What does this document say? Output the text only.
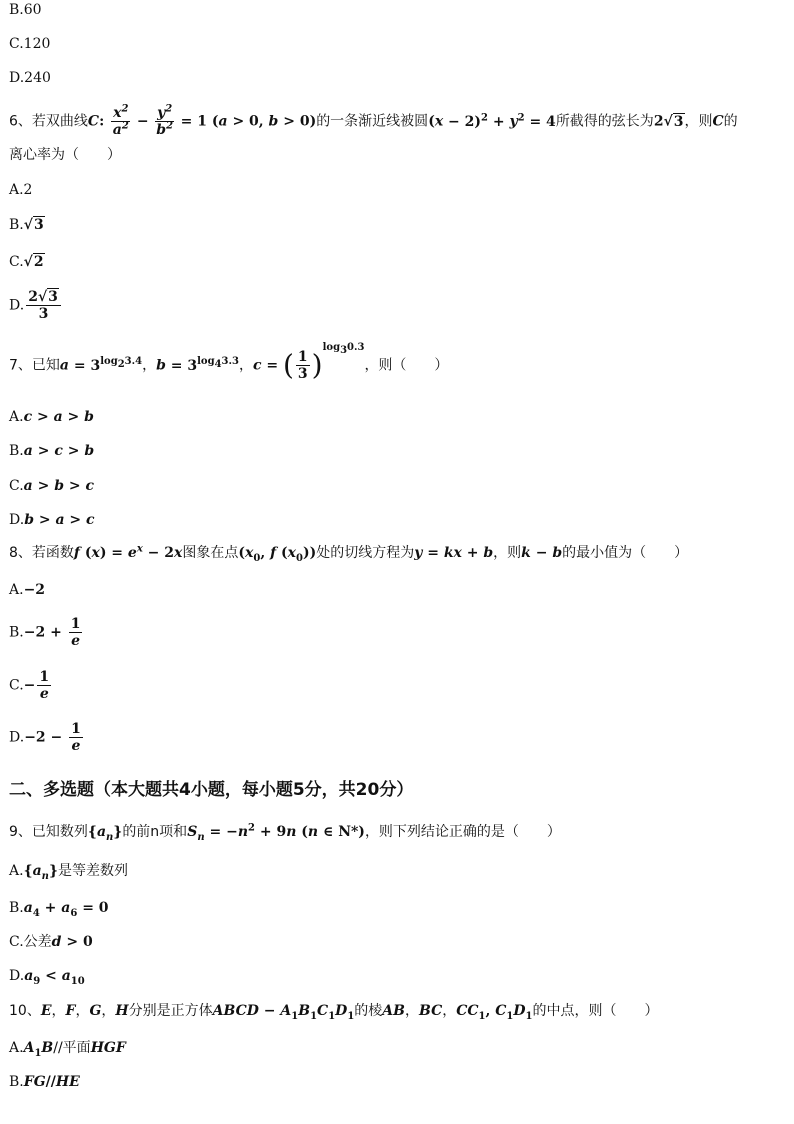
B.60
C.120
D.240
6、若双曲线C: $\frac{x^2}{a^2} - \frac{y^2}{b^2} = 1$ (a > 0, b > 0)的一条渐近线被圆$(x - 2)^2 + y^2 = 4$所截得的弦长为2√3，则C的
离心率为（　　）
A.2
B.√3
C.√2
D. $\frac{2√3}{3}$
7、已知$a = 3^{log_23.4}$，$b = 3^{log_43.3}$，c = ( $\frac{1}{3} )^{log_30.3}$，则（　　）
A.c > a > b
B.a > c > b
C.a > b > c
D.b > a > c
8、若函数f $(x) = e^x - 2x$图象在点($x_0$, f $(x_0)$)处的切线方程为y = kx + b，则k − b的最小值为（　　）
A.−2
$B.-2 + \frac{1}{e}$
$C.- \frac{1}{e}$
$D.-2 - \frac{1}{e}$
二、多选题（本大题共4小题，每小题5分，共20分）
9、已知数列$\{a_n\}$的前n项和$S_n = -n^2 + 9n$ (n ∈ N*)，则下列结论正确的是（　　）
$A.\{a_n\}$是等差数列
$B.a_4 + a_6 = 0$
C.公差d > 0
$D.a_9 < a_{10}$
10、E，F，G，H分别是正方体ABCD − $A_1B_1C_1D_1$的棱AB，BC，$CC_1$, $C_1D_1$的中点，则（　　）
$A.A_1B//$平面HGF
B.FG//HE
